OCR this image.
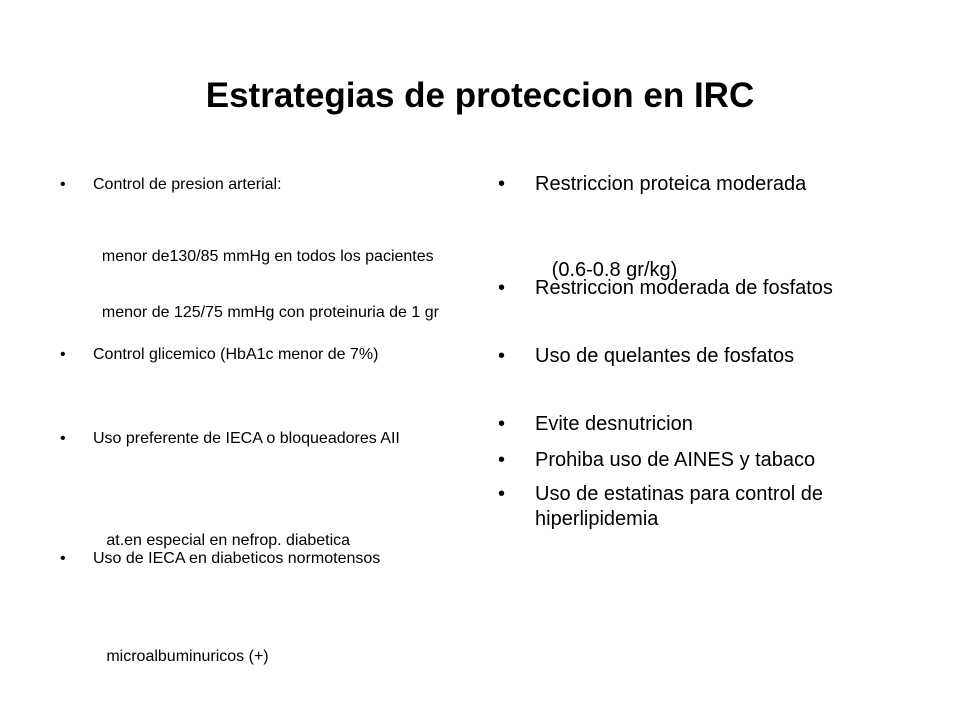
Estrategias de proteccion en IRC
•	Control de presion arterial:

menor de130/85 mmHg en todos los pacientes

menor de 125/75 mmHg con proteinuria de 1 gr

•	Control glicemico (HbA1c menor de 7%)
•	Uso preferente de IECA o bloqueadores AII

at.en especial en nefrop. diabetica

•	Uso de IECA en diabeticos normotensos

microalbuminuricos (+)

•	Restriccion proteica moderada

(0.6-0.8 gr/kg)

•	Restriccion moderada de fosfatos
•	Uso de quelantes de fosfatos
•	Evite desnutricion
•	Prohiba uso de AINES y tabaco
•	Uso de estatinas para control de hiperlipidemia
